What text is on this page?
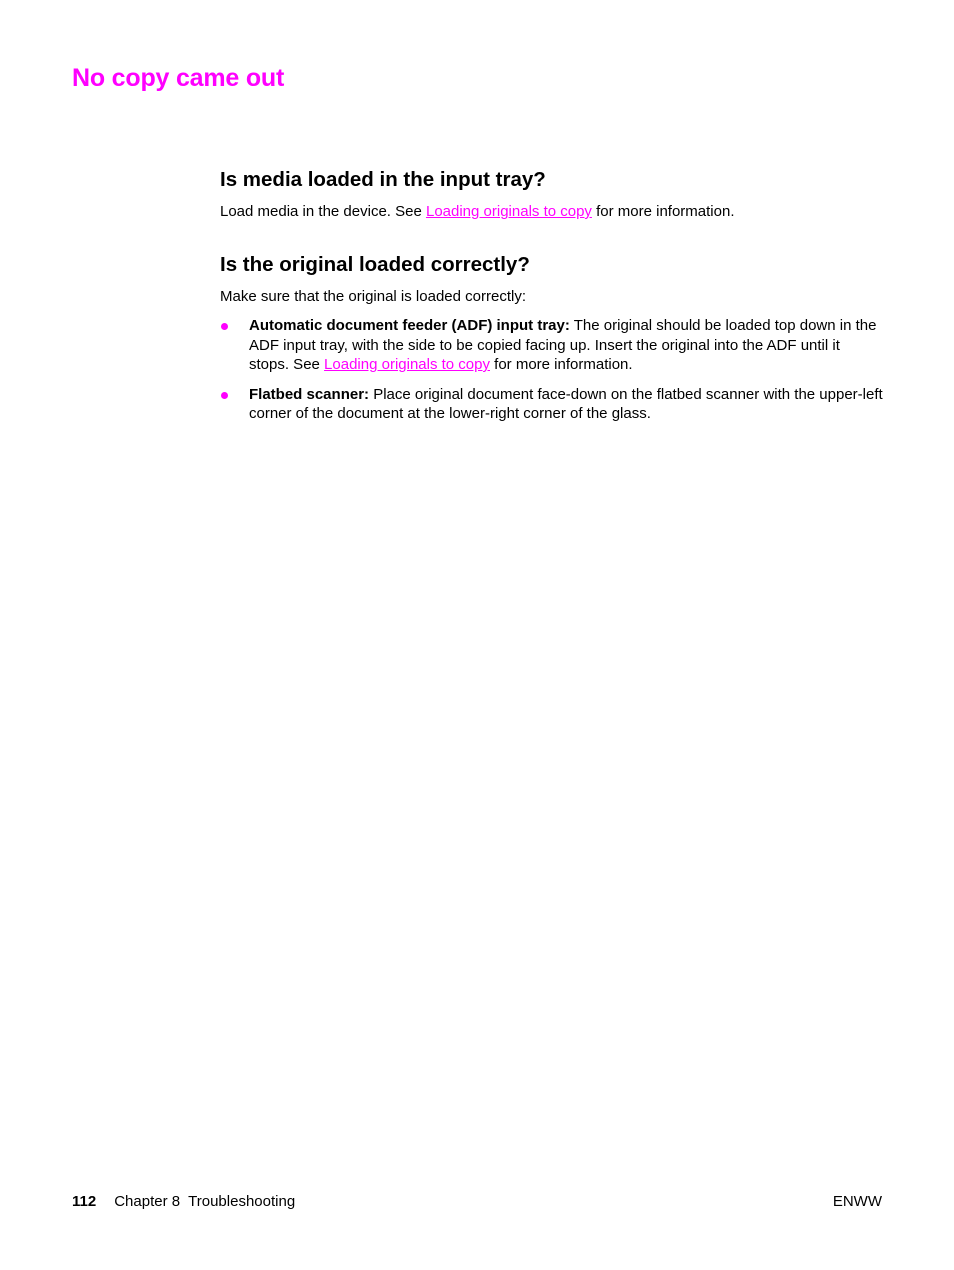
No copy came out
Is media loaded in the input tray?

Load media in the device. See Loading originals to copy for more information.

Is the original loaded correctly?

Make sure that the original is loaded correctly:

Automatic document feeder (ADF) input tray: The original should be loaded top down in the ADF input tray, with the side to be copied facing up. Insert the original into the ADF until it stops. See Loading originals to copy for more information.
Flatbed scanner: Place original document face-down on the flatbed scanner with the upper-left corner of the document at the lower-right corner of the glass.
112 Chapter 8  Troubleshooting	ENWW
